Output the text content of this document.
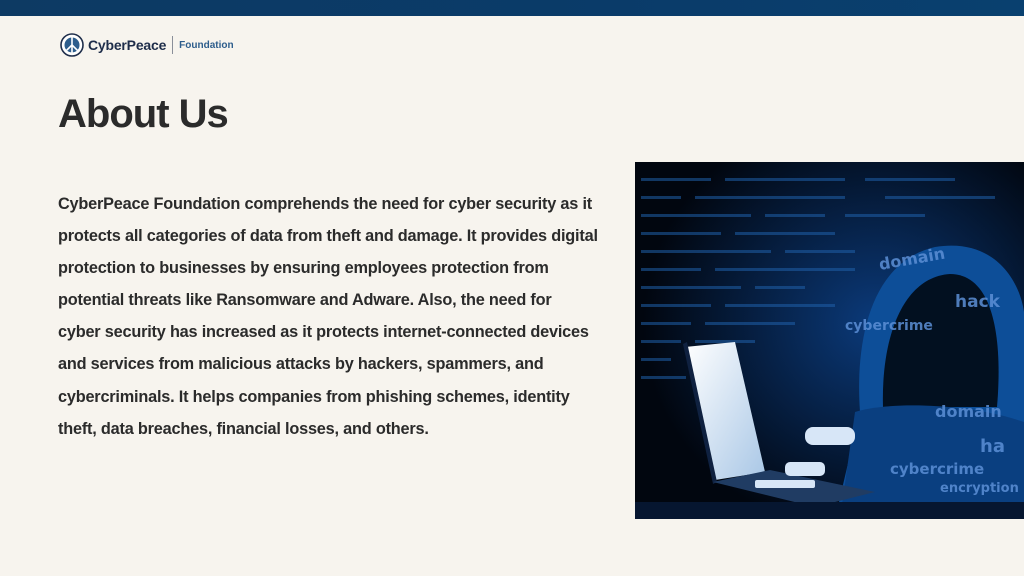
CyberPeace Foundation
About Us

CyberPeace Foundation comprehends the need for cyber security as it protects all categories of data from theft and damage. It provides digital protection to businesses by ensuring employees protection from potential threats like Ransomware and Adware. Also, the need for cyber security has increased as it protects internet-connected devices and services from malicious attacks by hackers, spammers, and cybercriminals. It helps companies from phishing schemes, identity theft, data breaches, financial losses, and others.

domain
cybercrime
domain
cybercrime
encryption
hack
ha
